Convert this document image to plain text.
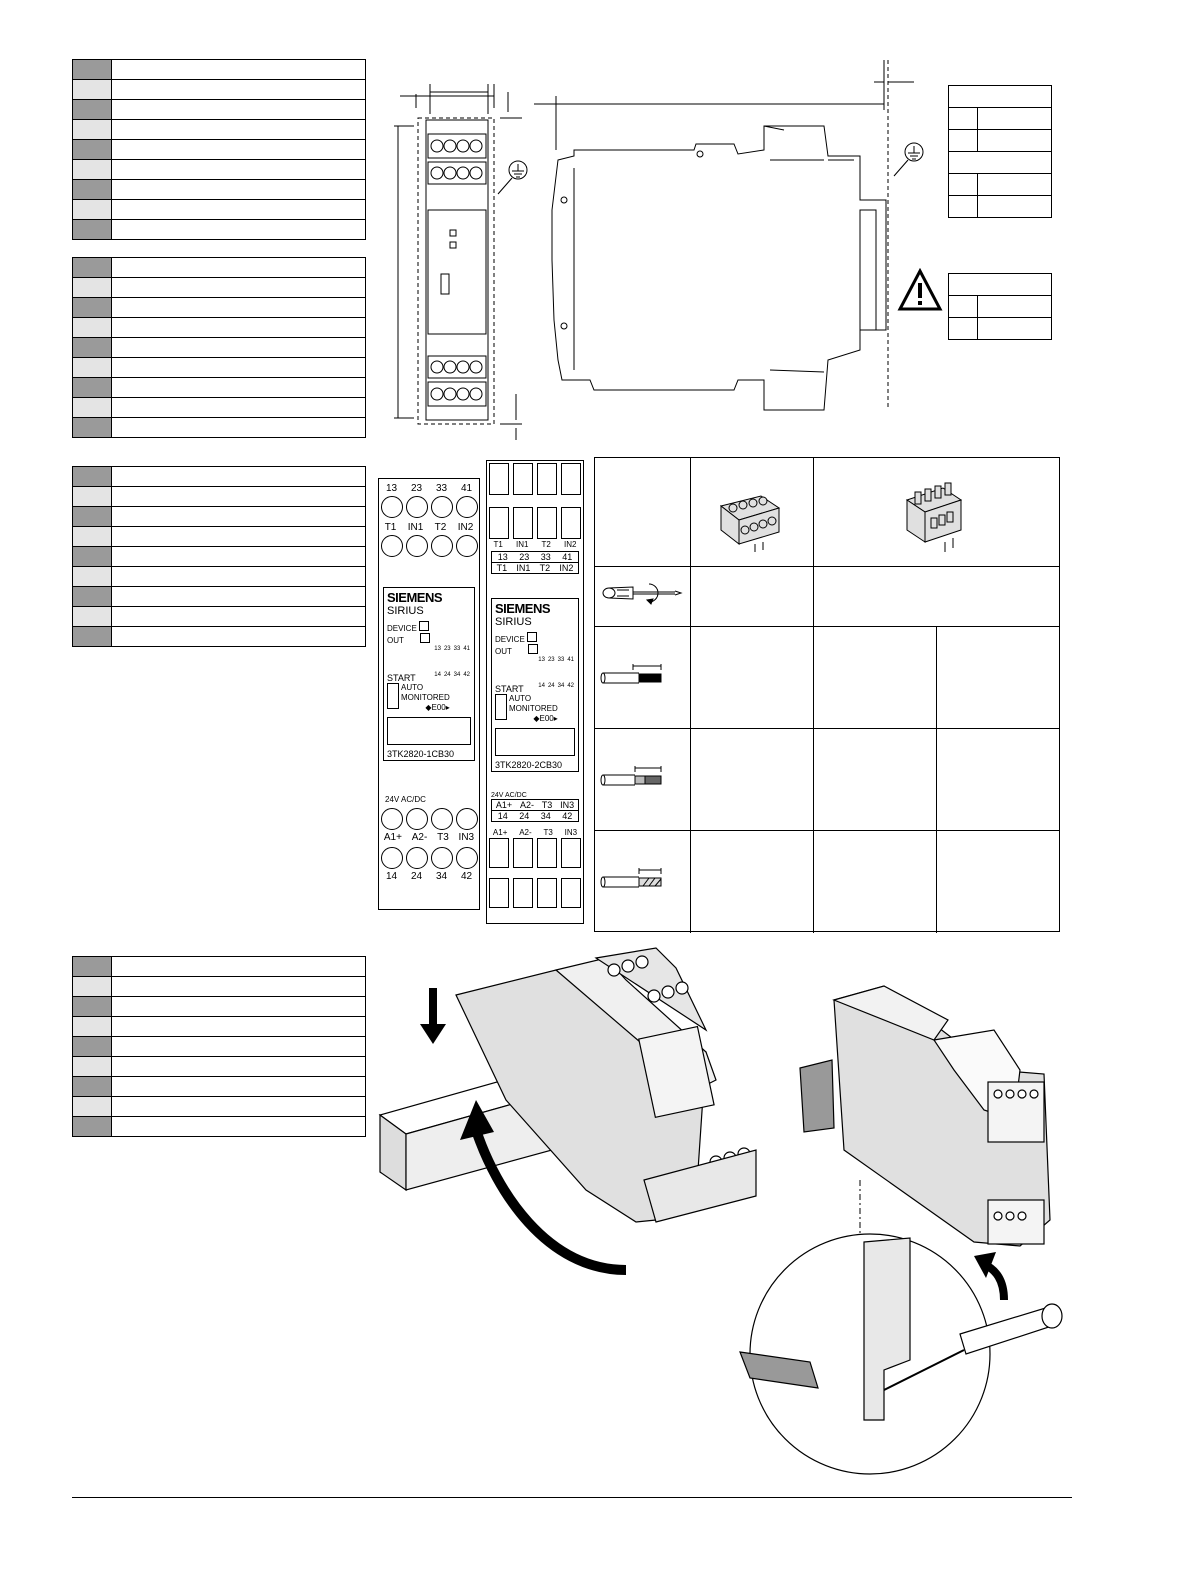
13 23 33 41
T1 IN1 T2 IN2
SIEMENS
SIRIUS
DEVICE
OUT
13 23 33 41
14 24 34 42
START
AUTO
MONITORED
◆E00▸
3TK2820-1CB30
24V AC/DC
A1+ A2- T3 IN3
14 24 34 42
T1 IN1 T2 IN2
13 23 33 41
T1 IN1 T2 IN2
SIEMENS
SIRIUS
DEVICE
OUT
13 23 33 41
14 24 34 42
START
AUTO
MONITORED
◆E00▸
3TK2820-2CB30
24V AC/DC
A1+ A2- T3 IN3
14 24 34 42
A1+ A2- T3 IN3
